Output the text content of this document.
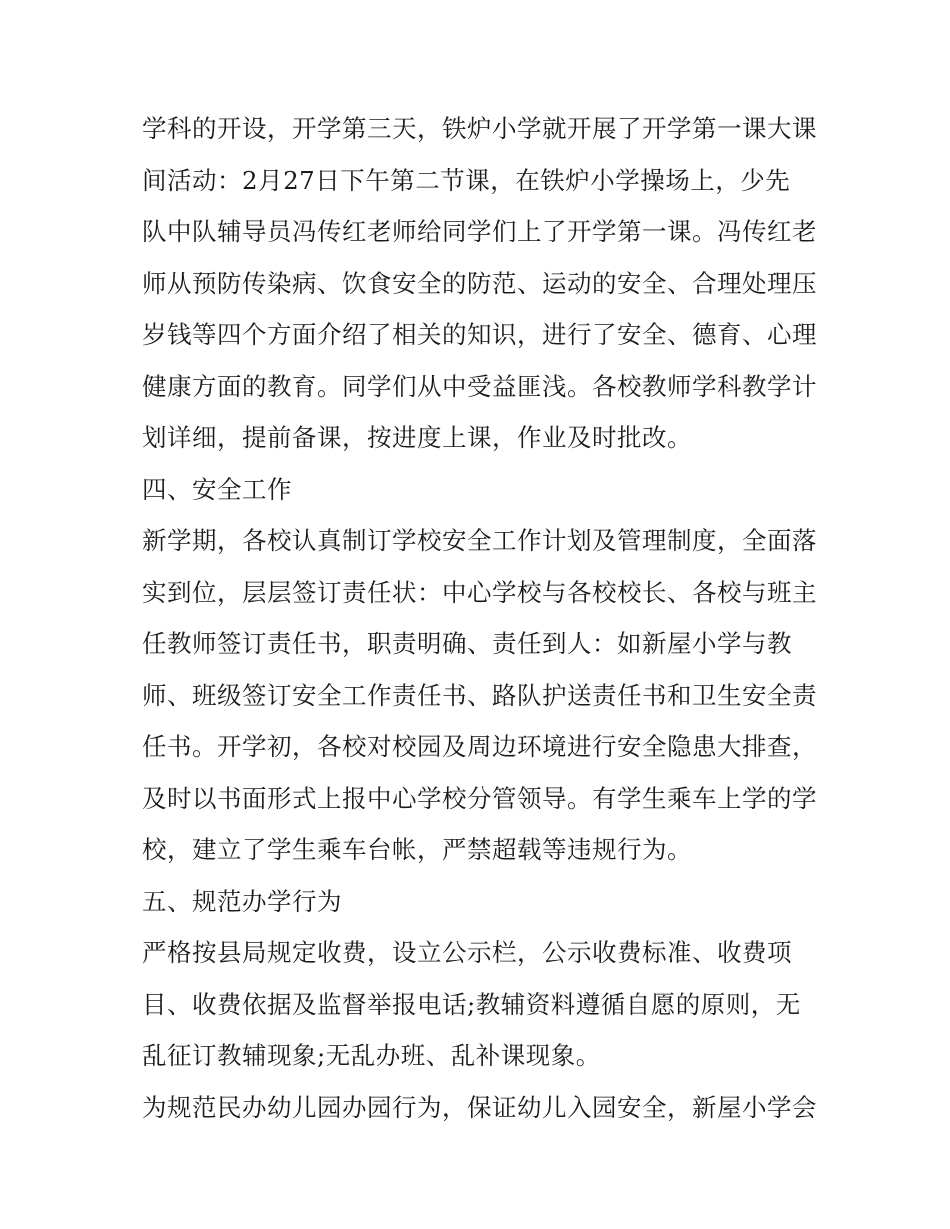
学科的开设，开学第三天，铁炉小学就开展了开学第一课大课
间活动：2月27日下午第二节课，在铁炉小学操场上，少先
队中队辅导员冯传红老师给同学们上了开学第一课。冯传红老
师从预防传染病、饮食安全的防范、运动的安全、合理处理压
岁钱等四个方面介绍了相关的知识，进行了安全、德育、心理
健康方面的教育。同学们从中受益匪浅。各校教师学科教学计
划详细，提前备课，按进度上课，作业及时批改。
四、安全工作
新学期，各校认真制订学校安全工作计划及管理制度，全面落
实到位，层层签订责任状：中心学校与各校校长、各校与班主
任教师签订责任书，职责明确、责任到人：如新屋小学与教
师、班级签订安全工作责任书、路队护送责任书和卫生安全责
任书。开学初，各校对校园及周边环境进行安全隐患大排查，
及时以书面形式上报中心学校分管领导。有学生乘车上学的学
校，建立了学生乘车台帐，严禁超载等违规行为。
五、规范办学行为
严格按县局规定收费，设立公示栏，公示收费标准、收费项
目、收费依据及监督举报电话;教辅资料遵循自愿的原则，无
乱征订教辅现象;无乱办班、乱补课现象。
为规范民办幼儿园办园行为，保证幼儿入园安全，新屋小学会
